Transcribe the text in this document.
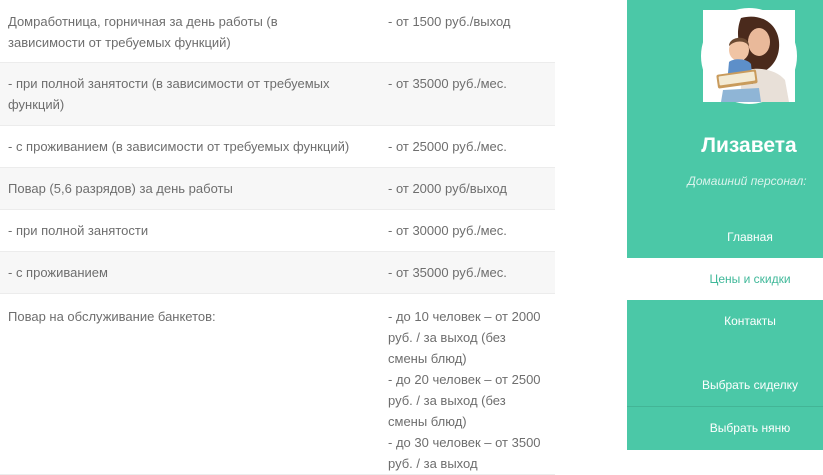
Домработница, горничная за день работы (в зависимости от требуемых функций)	- от 1500 руб./выход

- при полной занятости (в зависимости от требуемых функций)	- от 35000 руб./мес.

- с проживанием (в зависимости от требуемых функций)	- от 25000 руб./мес.

Повар (5,6 разрядов) за день работы	- от 2000 руб/выход

- при полной занятости	- от 30000 руб./мес.

- с проживанием	- от 35000 руб./мес.

Повар на обслуживание банкетов:	- до 10 человек – от 2000 руб. / за выход (без смены блюд)
- до 20 человек – от 2500 руб. / за выход (без смены блюд)
- до 30 человек – от 3500 руб. / за выход
Лизавета
Домашний персонал:
Главная
Цены и скидки
Контакты
Выбрать сиделку
Выбрать няню
